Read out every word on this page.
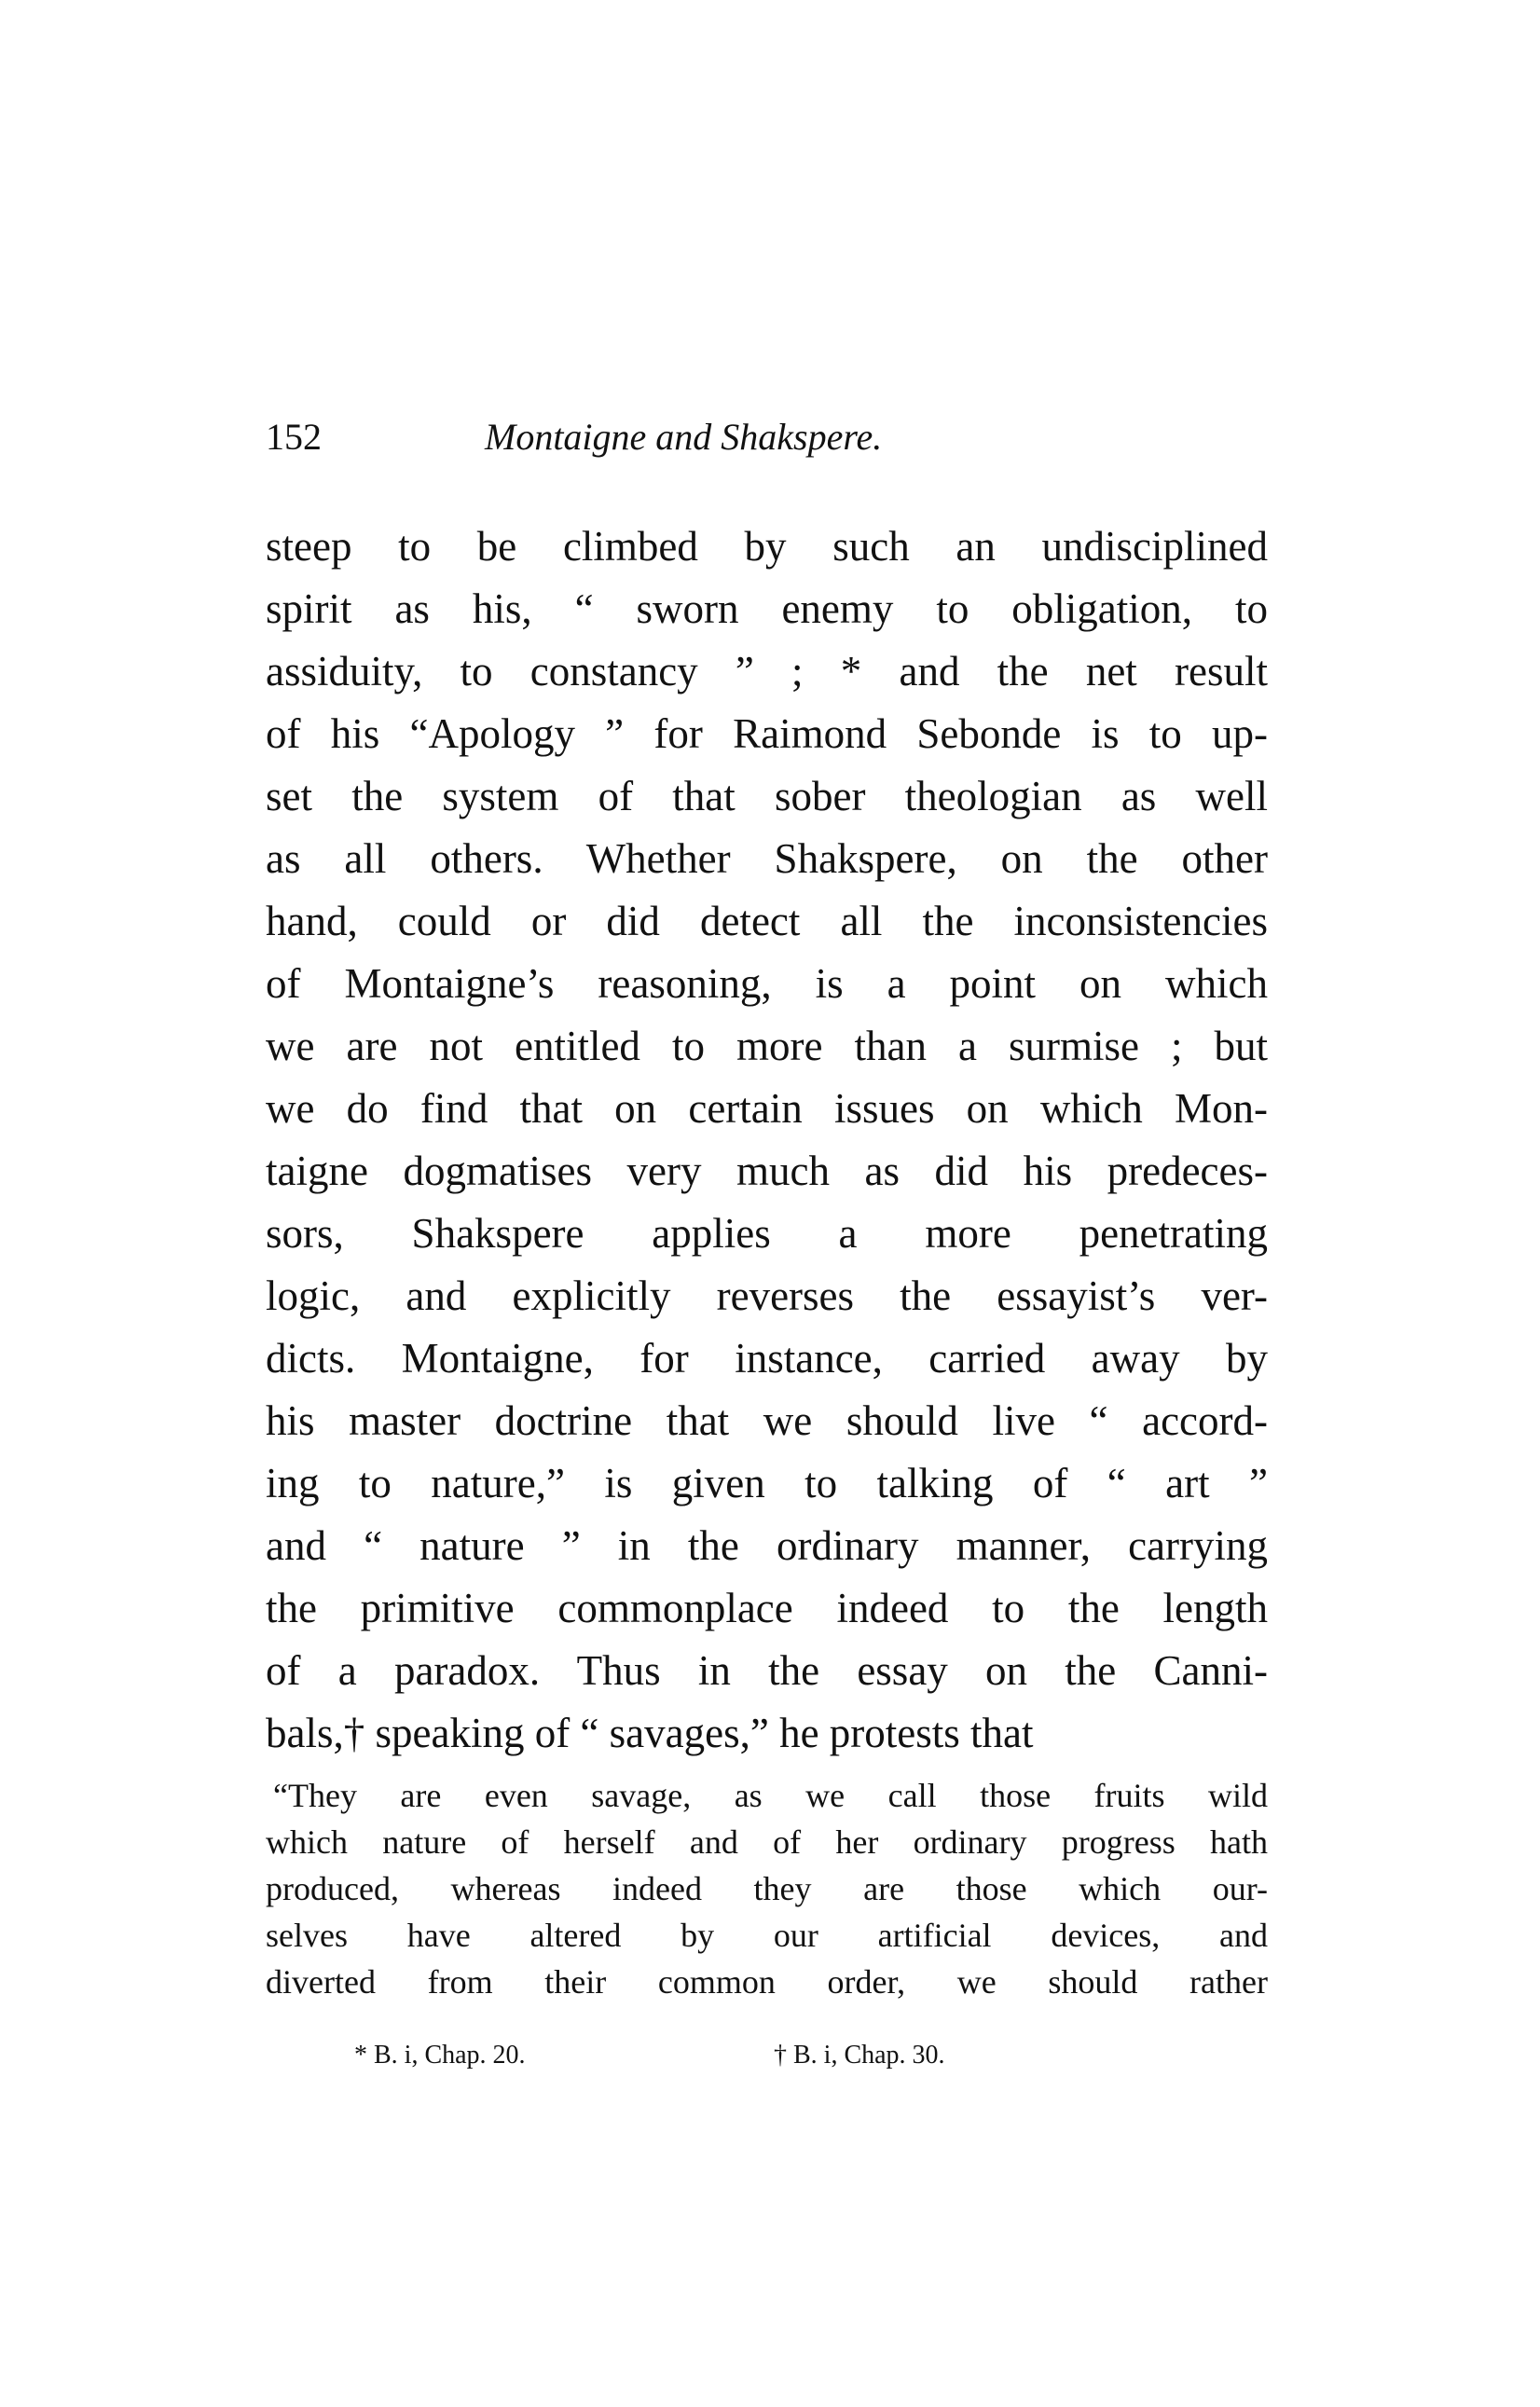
152	Montaigne and Shakspere.
steep to be climbed by such an undisciplined
spirit as his, “ sworn enemy to obligation, to
assiduity, to constancy ” ; * and the net result
of his “Apology ” for Raimond Sebonde is to up-
set the system of that sober theologian as well
as all others. Whether Shakspere, on the other
hand, could or did detect all the inconsistencies
of Montaigne’s reasoning, is a point on which
we are not entitled to more than a surmise ; but
we do find that on certain issues on which Mon-
taigne dogmatises very much as did his predeces-
sors, Shakspere applies a more penetrating
logic, and explicitly reverses the essayist’s ver-
dicts. Montaigne, for instance, carried away by
his master doctrine that we should live “ accord-
ing to nature,” is given to talking of “ art ”
and “ nature ” in the ordinary manner, carrying
the primitive commonplace indeed to the length
of a paradox. Thus in the essay on the Canni-
bals,† speaking of “ savages,” he protests that
“They are even savage, as we call those fruits wild
which nature of herself and of her ordinary progress hath
produced, whereas indeed they are those which our-
selves have altered by our artificial devices, and
diverted from their common order, we should rather
* B. i, Chap. 20.	† B. i, Chap. 30.
